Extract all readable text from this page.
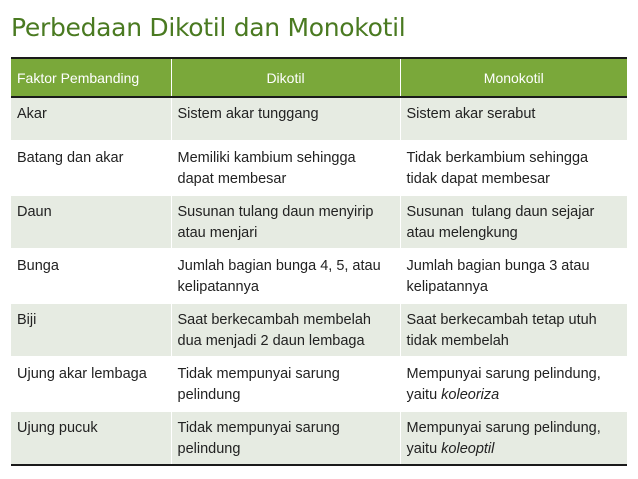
Perbedaan Dikotil dan Monokotil
Faktor Pembanding	Dikotil	Monokotil
Akar	Sistem akar tunggang	Sistem akar serabut
Batang dan akar	Memiliki kambium sehingga dapat membesar	Tidak berkambium sehingga tidak dapat membesar
Daun	Susunan tulang daun menyirip atau menjari	Susunan  tulang daun sejajar atau melengkung
Bunga	Jumlah bagian bunga 4, 5, atau kelipatannya	Jumlah bagian bunga 3 atau kelipatannya
Biji	Saat berkecambah membelah dua menjadi 2 daun lembaga	Saat berkecambah tetap utuh tidak membelah
Ujung akar lembaga	Tidak mempunyai sarung pelindung	Mempunyai sarung pelindung, yaitu koleoriza
Ujung pucuk	Tidak mempunyai sarung pelindung	Mempunyai sarung pelindung, yaitu koleoptil
